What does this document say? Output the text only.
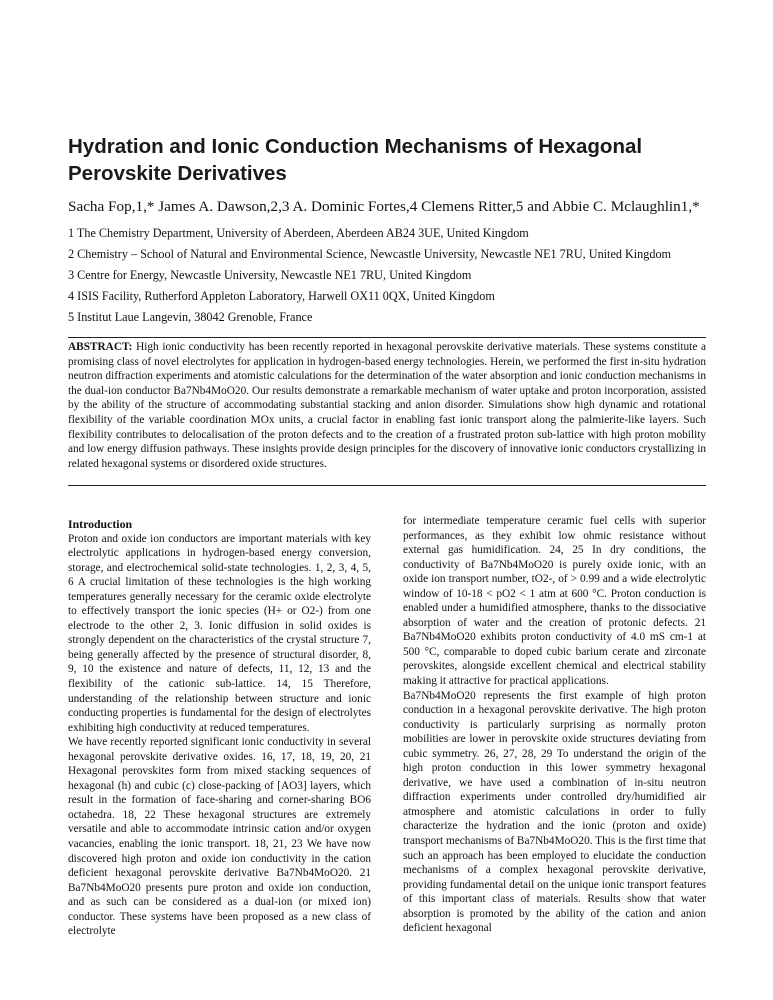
Hydration and Ionic Conduction Mechanisms of Hexagonal Perovskite Derivatives
Sacha Fop,1,* James A. Dawson,2,3 A. Dominic Fortes,4 Clemens Ritter,5 and Abbie C. Mclaughlin1,*
1 The Chemistry Department, University of Aberdeen, Aberdeen AB24 3UE, United Kingdom
2 Chemistry – School of Natural and Environmental Science, Newcastle University, Newcastle NE1 7RU, United Kingdom
3 Centre for Energy, Newcastle University, Newcastle NE1 7RU, United Kingdom
4 ISIS Facility, Rutherford Appleton Laboratory, Harwell OX11 0QX, United Kingdom
5 Institut Laue Langevin, 38042 Grenoble, France

ABSTRACT: High ionic conductivity has been recently reported in hexagonal perovskite derivative materials. These systems constitute a promising class of novel electrolytes for application in hydrogen-based energy technologies. Herein, we performed the first in-situ hydration neutron diffraction experiments and atomistic calculations for the determination of the water absorption and ionic conduction mechanisms in the dual-ion conductor Ba7Nb4MoO20. Our results demonstrate a remarkable mechanism of water uptake and proton incorporation, assisted by the ability of the structure of accommodating substantial stacking and anion disorder. Simulations show high dynamic and rotational flexibility of the variable coordination MOx units, a crucial factor in enabling fast ionic transport along the palmierite-like layers. Such flexibility contributes to delocalisation of the proton defects and to the creation of a frustrated proton sub-lattice with high proton mobility and low energy diffusion pathways. These insights provide design principles for the discovery of innovative ionic conductors crystallizing in related hexagonal systems or disordered oxide structures.

Introduction

Proton and oxide ion conductors are important materials with key electrolytic applications in hydrogen-based energy conversion, storage, and electrochemical solid-state technologies. 1, 2, 3, 4, 5, 6 A crucial limitation of these technologies is the high working temperatures generally necessary for the ceramic oxide electrolyte to effectively transport the ionic species (H+ or O2-) from one electrode to the other 2, 3. Ionic diffusion in solid oxides is strongly dependent on the characteristics of the crystal structure 7, being generally affected by the presence of structural disorder, 8, 9, 10 the existence and nature of defects, 11, 12, 13 and the flexibility of the cationic sub-lattice. 14, 15 Therefore, understanding of the relationship between structure and ionic conducting properties is fundamental for the design of electrolytes exhibiting high conductivity at reduced temperatures.

We have recently reported significant ionic conductivity in several hexagonal perovskite derivative oxides. 16, 17, 18, 19, 20, 21 Hexagonal perovskites form from mixed stacking sequences of hexagonal (h) and cubic (c) close-packing of [AO3] layers, which result in the formation of face-sharing and corner-sharing BO6 octahedra. 18, 22 These hexagonal structures are extremely versatile and able to accommodate intrinsic cation and/or oxygen vacancies, enabling the ionic transport. 18, 21, 23 We have now discovered high proton and oxide ion conductivity in the cation deficient hexagonal perovskite derivative Ba7Nb4MoO20. 21 Ba7Nb4MoO20 presents pure proton and oxide ion conduction, and as such can be considered as a dual-ion (or mixed ion) conductor. These systems have been proposed as a new class of electrolyte

for intermediate temperature ceramic fuel cells with superior performances, as they exhibit low ohmic resistance without external gas humidification. 24, 25 In dry conditions, the conductivity of Ba7Nb4MoO20 is purely oxide ionic, with an oxide ion transport number, tO2-, of > 0.99 and a wide electrolytic window of 10-18 < pO2 < 1 atm at 600 °C. Proton conduction is enabled under a humidified atmosphere, thanks to the dissociative absorption of water and the creation of protonic defects. 21 Ba7Nb4MoO20 exhibits proton conductivity of 4.0 mS cm-1 at 500 °C, comparable to doped cubic barium cerate and zirconate perovskites, alongside excellent chemical and electrical stability making it attractive for practical applications.

Ba7Nb4MoO20 represents the first example of high proton conduction in a hexagonal perovskite derivative. The high proton conductivity is particularly surprising as normally proton mobilities are lower in perovskite oxide structures deviating from cubic symmetry. 26, 27, 28, 29 To understand the origin of the high proton conduction in this lower symmetry hexagonal derivative, we have used a combination of in-situ neutron diffraction experiments under controlled dry/humidified air atmosphere and atomistic calculations in order to fully characterize the hydration and the ionic (proton and oxide) transport mechanisms of Ba7Nb4MoO20. This is the first time that such an approach has been employed to elucidate the conduction mechanisms of a complex hexagonal perovskite derivative, providing fundamental detail on the unique ionic transport features of this important class of materials. Results show that water absorption is promoted by the ability of the cation and anion deficient hexagonal
